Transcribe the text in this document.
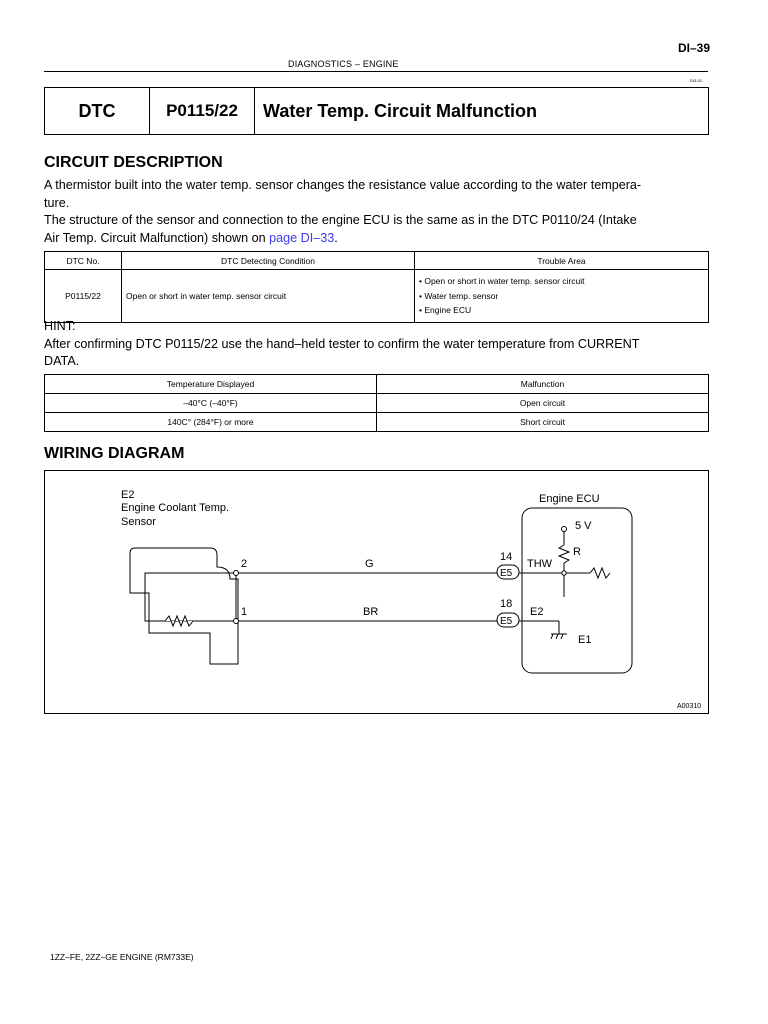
DI–39
DIAGNOSTICS – ENGINE
DI3-01
DTC	P0115/22	Water Temp. Circuit Malfunction
CIRCUIT DESCRIPTION
A thermistor built into the water temp. sensor changes the resistance value according to the water tempera-
ture.
The structure of the sensor and connection to the engine ECU is the same as in the DTC P0110/24 (Intake
Air Temp. Circuit Malfunction) shown on page DI–33.
DTC No.	DTC Detecting Condition	Trouble Area
P0115/22	Open or short in water temp. sensor circuit	• Open or short in water temp. sensor circuit
• Water temp. sensor
• Engine ECU
HINT:
After confirming DTC P0115/22 use the hand–held tester to confirm the water temperature from CURRENT
DATA.
Temperature Displayed	Malfunction
–40°C (–40°F)	Open circuit
140C° (284°F) or more	Short circuit
WIRING DIAGRAM
E2
Engine Coolant Temp.
Sensor
Engine ECU
5 V
R
2
1
G
BR
14
18
E5
E5
THW
E2
E1
A00310
1ZZ–FE, 2ZZ–GE ENGINE (RM733E)
